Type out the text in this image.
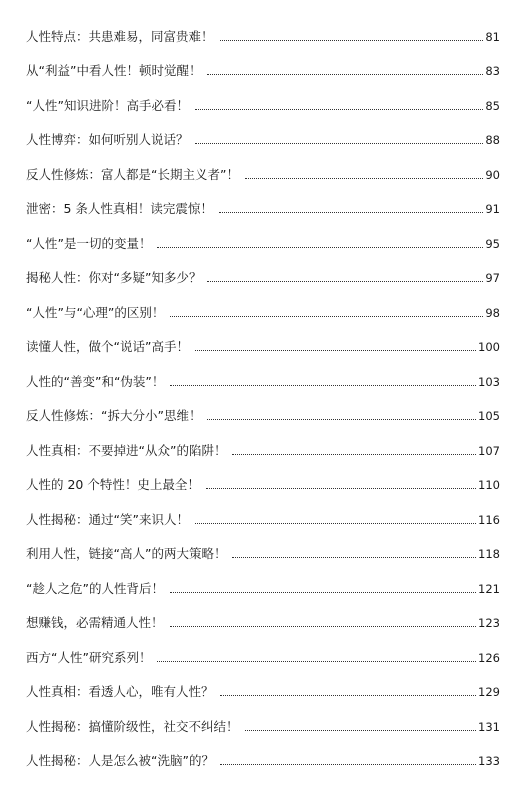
人性特点：共患难易，同富贵难！	81
从“利益”中看人性！顿时觉醒！	83
“人性”知识进阶！高手必看！	85
人性博弈：如何听别人说话？	88
反人性修炼：富人都是“长期主义者”！	90
泄密：5 条人性真相！读完震惊！	91
“人性”是一切的变量！	95
揭秘人性：你对“多疑”知多少？	97
“人性”与“心理”的区别！	98
读懂人性，做个“说话”高手！	100
人性的“善变”和“伪装”！	103
反人性修炼：“拆大分小”思维！	105
人性真相：不要掉进“从众”的陷阱！	107
人性的 20 个特性！史上最全！	110
人性揭秘：通过“笑”来识人！	116
利用人性，链接“高人”的两大策略！	118
“趁人之危”的人性背后！	121
想赚钱，必需精通人性！	123
西方“人性”研究系列！	126
人性真相：看透人心，唯有人性？	129
人性揭秘：搞懂阶级性，社交不纠结！	131
人性揭秘：人是怎么被“洗脑”的？	133
